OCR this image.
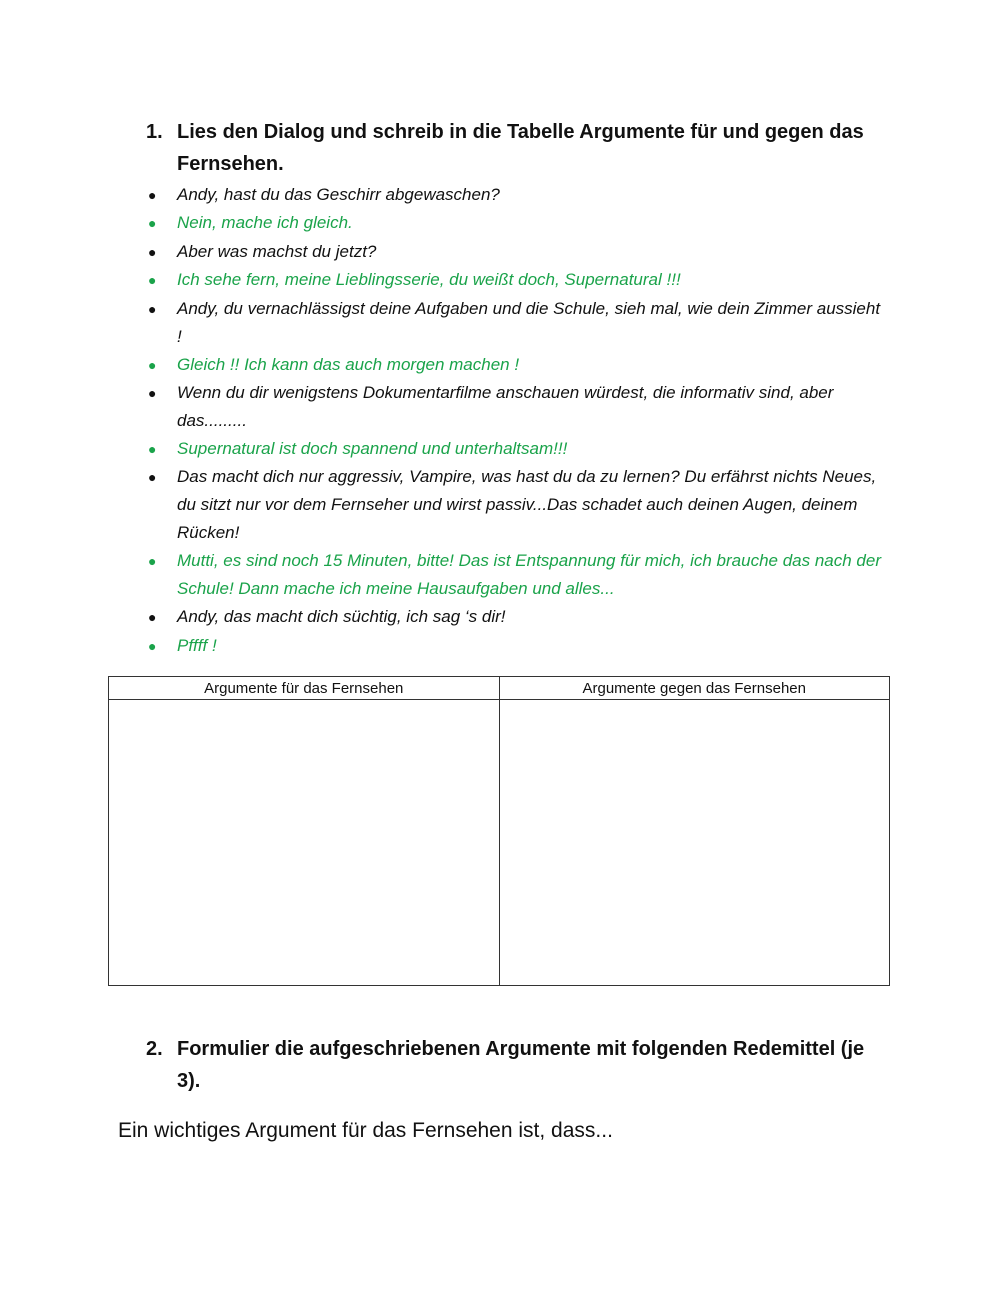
1. Lies den Dialog und schreib in die Tabelle Argumente für und gegen das Fernsehen.
● Andy, hast du das Geschirr abgewaschen?
● Nein, mache ich gleich.
● Aber was machst du jetzt?
● Ich sehe fern, meine Lieblingsserie, du weißt doch, Supernatural !!!
● Andy, du vernachlässigst deine Aufgaben und die Schule, sieh mal, wie dein Zimmer aussieht !
● Gleich !! Ich kann das auch morgen machen !
● Wenn du dir wenigstens Dokumentarfilme anschauen würdest, die informativ sind, aber das.........
● Supernatural ist doch spannend und unterhaltsam!!!
● Das macht dich nur aggressiv, Vampire, was hast du da zu lernen? Du erfährst nichts Neues, du sitzt nur vor dem Fernseher und wirst passiv...Das schadet auch deinen Augen, deinem Rücken!
● Mutti, es sind noch 15 Minuten, bitte! Das ist Entspannung für mich, ich brauche das nach der Schule! Dann mache ich meine Hausaufgaben und alles...
● Andy, das macht dich süchtig, ich sag ‘s dir!
● Pffff !
Argumente für das Fernsehen	Argumente gegen das Fernsehen

2. Formulier die aufgeschriebenen Argumente mit folgenden Redemittel (je 3).
Ein wichtiges Argument für das Fernsehen ist, dass...
